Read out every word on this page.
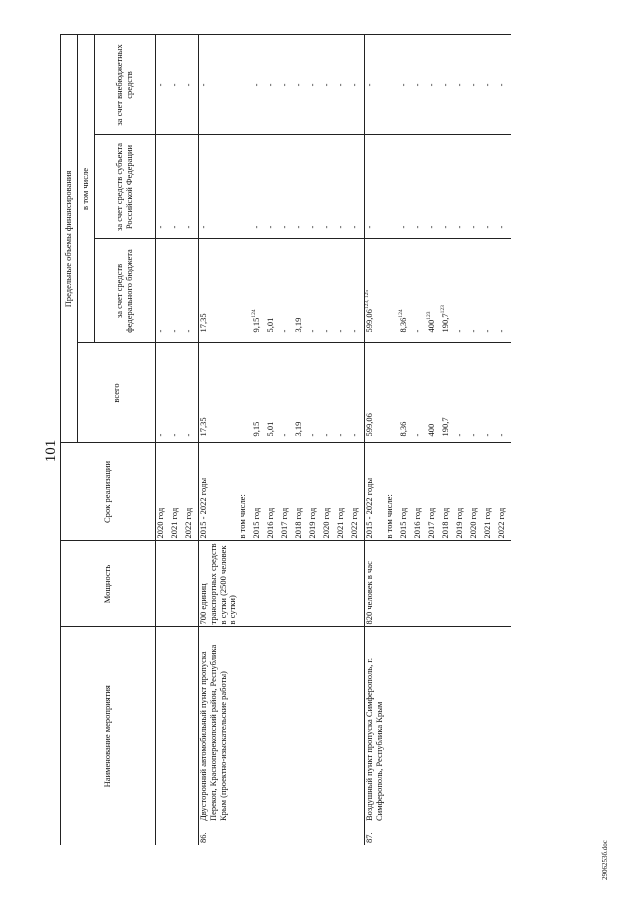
101
Наименование мероприятия		Мощность	Срок реализации	Предельные объемы финансирования			
				всего	в том числе		
					за счет средств федерального бюджета	за счет средств субъекта Российской Федерации	за счет внебюджетных средств
			2020 год	-	-	-	-
			2021 год	-	-	-	-
			2022 год	-	-	-	-
86.	Двусторонний автомобильный пункт пропуска Перекоп, Красноперекопский район, Республика Крым (проектно-изыскательские работы)	700 единиц транспортных средств в сутки (2500 человек в сутки)	2015 - 2022 годы	17,35	17,35	-	-
			в том числе:				
			2015 год	9,15	9,15$^{124}$	-	-
			2016 год	5,01	5,01	-	-
			2017 год	-	-	-	-
			2018 год	3,19	3,19	-	-
			2019 год	-	-	-	-
			2020 год	-	-	-	-
			2021 год	-	-	-	-
			2022 год	-	-	-	-
87.	Воздушный пункт пропуска Симферополь, г. Симферополь, Республика Крым	820 человек в час	2015 - 2022 годы	599,06	599,06$^{123, 125}$	-	-
			в том числе:				
			2015 год	8,36	8,36$^{124}$	-	-
			2016 год	-	-	-	-
			2017 год	400	$400^{123}$	-	-
			2018 год	190,7	190,7$^{123}$	-	-
			2019 год	-	-	-	-
			2020 год	-	-	-	-
			2021 год	-	-	-	-
			2022 год	-	-	-	-
2906253б.doc
